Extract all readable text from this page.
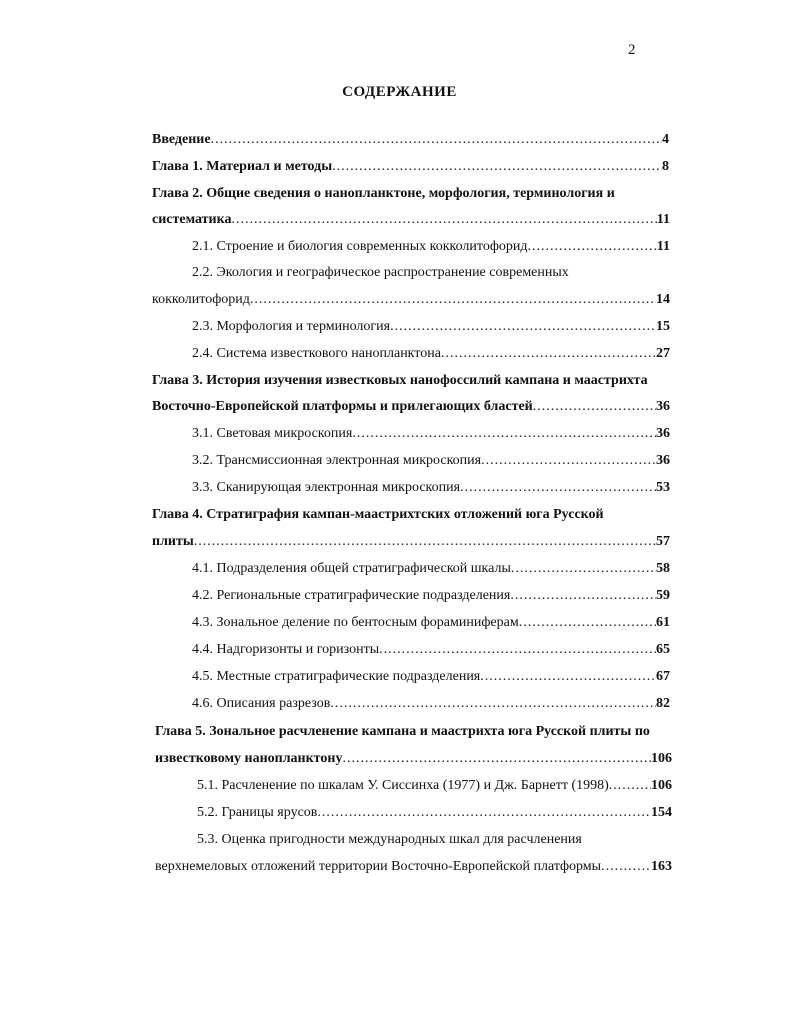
2
СОДЕРЖАНИЕ
Введение .....	4
Глава 1. Материал и методы .....	8
Глава 2. Общие сведения о нанопланктоне, морфология, терминология и
систематика .....	11
2.1. Строение и биология современных кокколитофорид .....	11
2.2. Экология и географическое распространение современных
кокколитофорид .....	14
2.3. Морфология и терминология .....	15
2.4. Система известкового нанопланктона .....	27
Глава 3. История изучения известковых нанофоссилий кампана и маастрихта
Восточно-Европейской платформы и прилегающих бластей .....	36
3.1. Световая микроскопия .....	36
3.2. Трансмиссионная электронная микроскопия .....	36
3.3. Сканирующая электронная микроскопия .....	53
Глава 4. Стратиграфия кампан-маастрихтских отложений юга Русской
плиты .....	57
4.1. Подразделения общей стратиграфической шкалы .....	58
4.2. Региональные стратиграфические подразделения .....	59
4.3. Зональное деление по бентосным фораминиферам .....	61
4.4. Надгоризонты и горизонты .....	65
4.5. Местные стратиграфические подразделения .....	67
4.6. Описания разрезов .....	82
Глава 5. Зональное расчленение кампана и маастрихта юга Русской плиты по
известковому нанопланктону .....	106
5.1. Расчленение по шкалам У. Сиссинха (1977) и Дж. Барнетт (1998) .....	106
5.2. Границы ярусов .....	154
5.3. Оценка пригодности международных шкал для расчленения
верхнемеловых отложений территории Восточно-Европейской платформы .....	163
